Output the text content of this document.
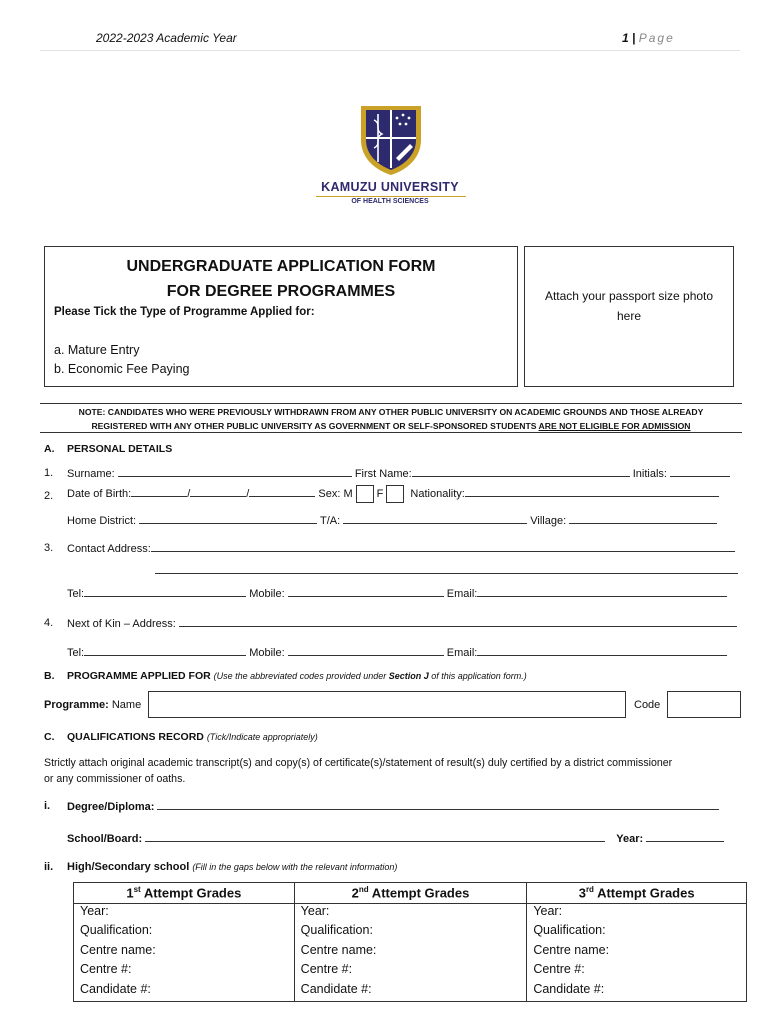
2022-2023 Academic Year	1 | Page
KAMUZU UNIVERSITY
OF HEALTH SCIENCES
UNDERGRADUATE APPLICATION FORM
FOR DEGREE PROGRAMMES
Please Tick the Type of Programme Applied for:
a. Mature Entry
b. Economic Fee Paying
Attach your passport size photo
here
NOTE: CANDIDATES WHO WERE PREVIOUSLY WITHDRAWN FROM ANY OTHER PUBLIC UNIVERSITY ON ACADEMIC GROUNDS AND THOSE ALREADY
REGISTERED WITH ANY OTHER PUBLIC UNIVERSITY AS GOVERNMENT OR SELF-SPONSORED STUDENTS ARE NOT ELIGIBLE FOR ADMISSION
A. PERSONAL DETAILS
1. Surname:	First Name:	Initials:
2. Date of Birth:	/	/	Sex: M F Nationality:
Home District:	T/A:	Village:
3. Contact Address:
Tel:	Mobile:	Email:
4. Next of Kin – Address:
Tel:	Mobile:	Email:
B. PROGRAMME APPLIED FOR (Use the abbreviated codes provided under Section J of this application form.)
Programme: Name	Code
C. QUALIFICATIONS RECORD (Tick/Indicate appropriately)
Strictly attach original academic transcript(s) and copy(s) of certificate(s)/statement of result(s) duly certified by a district commissioner
or any commissioner of oaths.
i. Degree/Diploma:
School/Board:	Year:
ii. High/Secondary school (Fill in the gaps below with the relevant information)
1st Attempt Grades	2nd Attempt Grades	3rd Attempt Grades
Year:	Year:	Year:
Qualification:	Qualification:	Qualification:
Centre name:	Centre name:	Centre name:
Centre #:	Centre #:	Centre #:
Candidate #:	Candidate #:	Candidate #:
